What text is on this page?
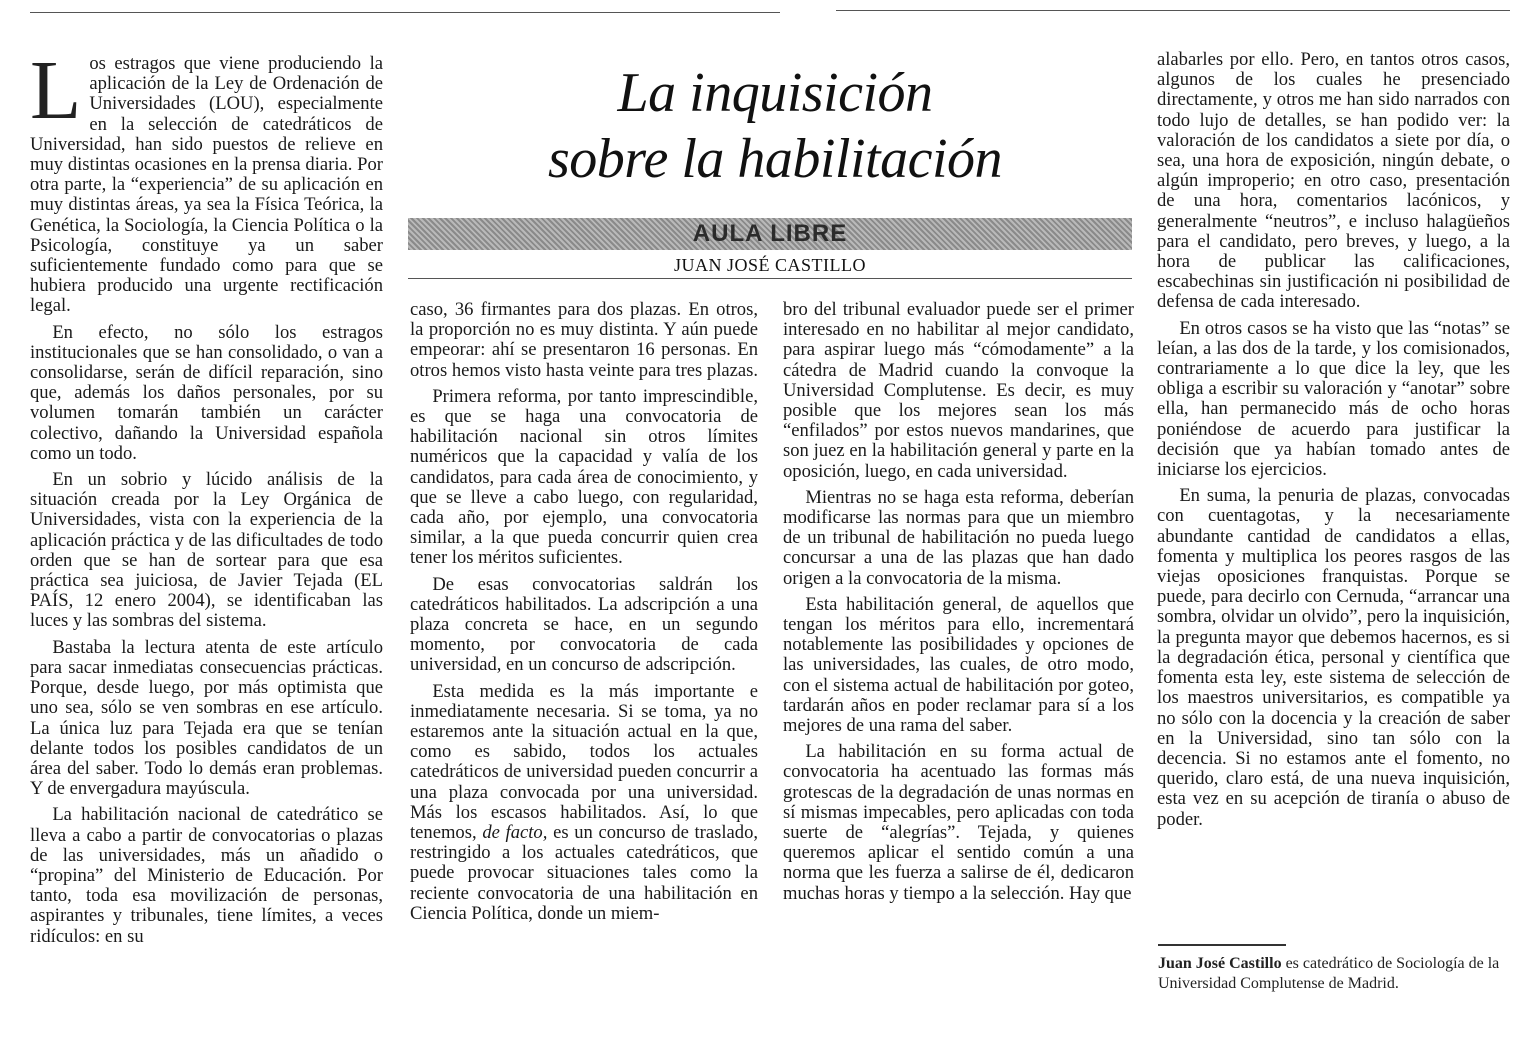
La inquisición
sobre la habilitación
AULA LIBRE
JUAN JOSÉ CASTILLO

Los estragos que viene produciendo la aplicación de la Ley de Ordenación de Universidades (LOU), especialmente en la selección de catedráticos de Universidad, han sido puestos de relieve en muy distintas ocasiones en la prensa diaria. Por otra parte, la “experiencia” de su aplicación en muy distintas áreas, ya sea la Física Teórica, la Genética, la Sociología, la Ciencia Política o la Psicología, constituye ya un saber suficientemente fundado como para que se hubiera producido una urgente rectificación legal.

En efecto, no sólo los estragos institucionales que se han consolidado, o van a consolidarse, serán de difícil reparación, sino que, además los daños personales, por su volumen tomarán también un carácter colectivo, dañando la Universidad española como un todo.

En un sobrio y lúcido análisis de la situación creada por la Ley Orgánica de Universidades, vista con la experiencia de la aplicación práctica y de las dificultades de todo orden que se han de sortear para que esa práctica sea juiciosa, de Javier Tejada (EL PAÍS, 12 enero 2004), se identificaban las luces y las sombras del sistema.

Bastaba la lectura atenta de este artículo para sacar inmediatas consecuencias prácticas. Porque, desde luego, por más optimista que uno sea, sólo se ven sombras en ese artículo. La única luz para Tejada era que se tenían delante todos los posibles candidatos de un área del saber. Todo lo demás eran problemas. Y de envergadura mayúscula.

La habilitación nacional de catedrático se lleva a cabo a partir de convocatorias o plazas de las universidades, más un añadido o “propina” del Ministerio de Educación. Por tanto, toda esa movilización de personas, aspirantes y tribunales, tiene límites, a veces ridículos: en su

caso, 36 firmantes para dos plazas. En otros, la proporción no es muy distinta. Y aún puede empeorar: ahí se presentaron 16 personas. En otros hemos visto hasta veinte para tres plazas.

Primera reforma, por tanto imprescindible, es que se haga una convocatoria de habilitación nacional sin otros límites numéricos que la capacidad y valía de los candidatos, para cada área de conocimiento, y que se lleve a cabo luego, con regularidad, cada año, por ejemplo, una convocatoria similar, a la que pueda concurrir quien crea tener los méritos suficientes.

De esas convocatorias saldrán los catedráticos habilitados. La adscripción a una plaza concreta se hace, en un segundo momento, por convocatoria de cada universidad, en un concurso de adscripción.

Esta medida es la más importante e inmediatamente necesaria. Si se toma, ya no estaremos ante la situación actual en la que, como es sabido, todos los actuales catedráticos de universidad pueden concurrir a una plaza convocada por una universidad. Más los escasos habilitados. Así, lo que tenemos, de facto, es un concurso de traslado, restringido a los actuales catedráticos, que puede provocar situaciones tales como la reciente convocatoria de una habilitación en Ciencia Política, donde un miem-

bro del tribunal evaluador puede ser el primer interesado en no habilitar al mejor candidato, para aspirar luego más “cómodamente” a la cátedra de Madrid cuando la convoque la Universidad Complutense. Es decir, es muy posible que los mejores sean los más “enfilados” por estos nuevos mandarines, que son juez en la habilitación general y parte en la oposición, luego, en cada universidad.

Mientras no se haga esta reforma, deberían modificarse las normas para que un miembro de un tribunal de habilitación no pueda luego concursar a una de las plazas que han dado origen a la convocatoria de la misma.

Esta habilitación general, de aquellos que tengan los méritos para ello, incrementará notablemente las posibilidades y opciones de las universidades, las cuales, de otro modo, con el sistema actual de habilitación por goteo, tardarán años en poder reclamar para sí a los mejores de una rama del saber.

La habilitación en su forma actual de convocatoria ha acentuado las formas más grotescas de la degradación de unas normas en sí mismas impecables, pero aplicadas con toda suerte de “alegrías”. Tejada, y quienes queremos aplicar el sentido común a una norma que les fuerza a salirse de él, dedicaron muchas horas y tiempo a la selección. Hay que

alabarles por ello. Pero, en tantos otros casos, algunos de los cuales he presenciado directamente, y otros me han sido narrados con todo lujo de detalles, se han podido ver: la valoración de los candidatos a siete por día, o sea, una hora de exposición, ningún debate, o algún improperio; en otro caso, presentación de una hora, comentarios lacónicos, y generalmente “neutros”, e incluso halagüeños para el candidato, pero breves, y luego, a la hora de publicar las calificaciones, escabechinas sin justificación ni posibilidad de defensa de cada interesado.

En otros casos se ha visto que las “notas” se leían, a las dos de la tarde, y los comisionados, contrariamente a lo que dice la ley, que les obliga a escribir su valoración y “anotar” sobre ella, han permanecido más de ocho horas poniéndose de acuerdo para justificar la decisión que ya habían tomado antes de iniciarse los ejercicios.

En suma, la penuria de plazas, convocadas con cuentagotas, y la necesariamente abundante cantidad de candidatos a ellas, fomenta y multiplica los peores rasgos de las viejas oposiciones franquistas. Porque se puede, para decirlo con Cernuda, “arrancar una sombra, olvidar un olvido”, pero la inquisición, la pregunta mayor que debemos hacernos, es si la degradación ética, personal y científica que fomenta esta ley, este sistema de selección de los maestros universitarios, es compatible ya no sólo con la docencia y la creación de saber en la Universidad, sino tan sólo con la decencia. Si no estamos ante el fomento, no querido, claro está, de una nueva inquisición, esta vez en su acepción de tiranía o abuso de poder.

Juan José Castillo es catedrático de Sociología de la Universidad Complutense de Madrid.
